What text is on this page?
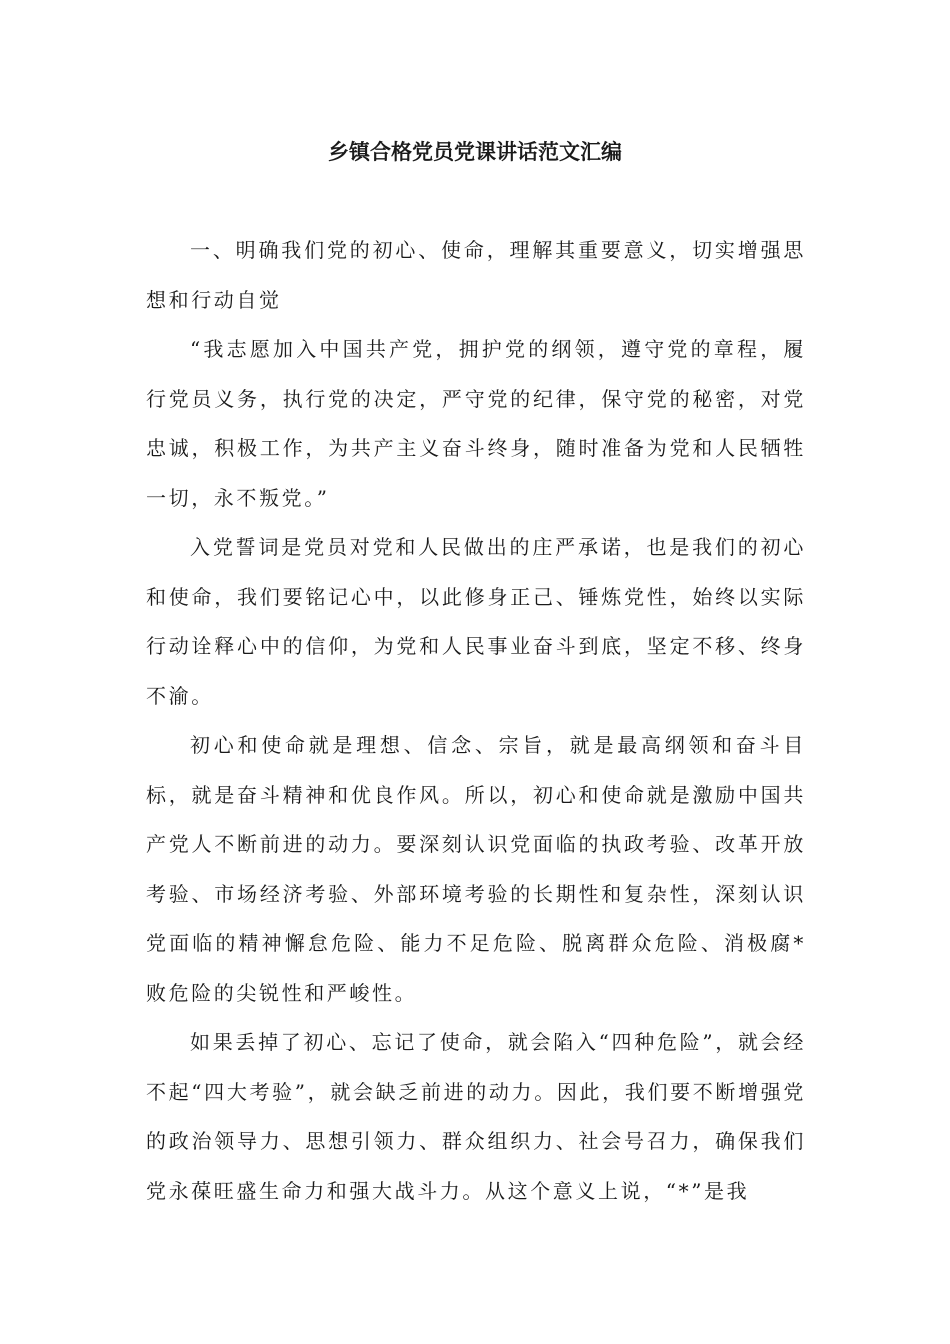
乡镇合格党员党课讲话范文汇编

一、明确我们党的初心、使命，理解其重要意义，切实增强思想和行动自觉

“我志愿加入中国共产党，拥护党的纲领，遵守党的章程，履行党员义务，执行党的决定，严守党的纪律，保守党的秘密，对党忠诚，积极工作，为共产主义奋斗终身，随时准备为党和人民牺牲一切，永不叛党。”

入党誓词是党员对党和人民做出的庄严承诺，也是我们的初心和使命，我们要铭记心中，以此修身正己、锤炼党性，始终以实际行动诠释心中的信仰，为党和人民事业奋斗到底，坚定不移、终身不渝。

初心和使命就是理想、信念、宗旨，就是最高纲领和奋斗目标，就是奋斗精神和优良作风。所以，初心和使命就是激励中国共产党人不断前进的动力。要深刻认识党面临的执政考验、改革开放考验、市场经济考验、外部环境考验的长期性和复杂性，深刻认识党面临的精神懈怠危险、能力不足危险、脱离群众危险、消极腐*败危险的尖锐性和严峻性。

如果丢掉了初心、忘记了使命，就会陷入“四种危险”，就会经不起“四大考验”，就会缺乏前进的动力。因此，我们要不断增强党的政治领导力、思想引领力、群众组织力、社会号召力，确保我们党永葆旺盛生命力和强大战斗力。从这个意义上说，“*”是我
